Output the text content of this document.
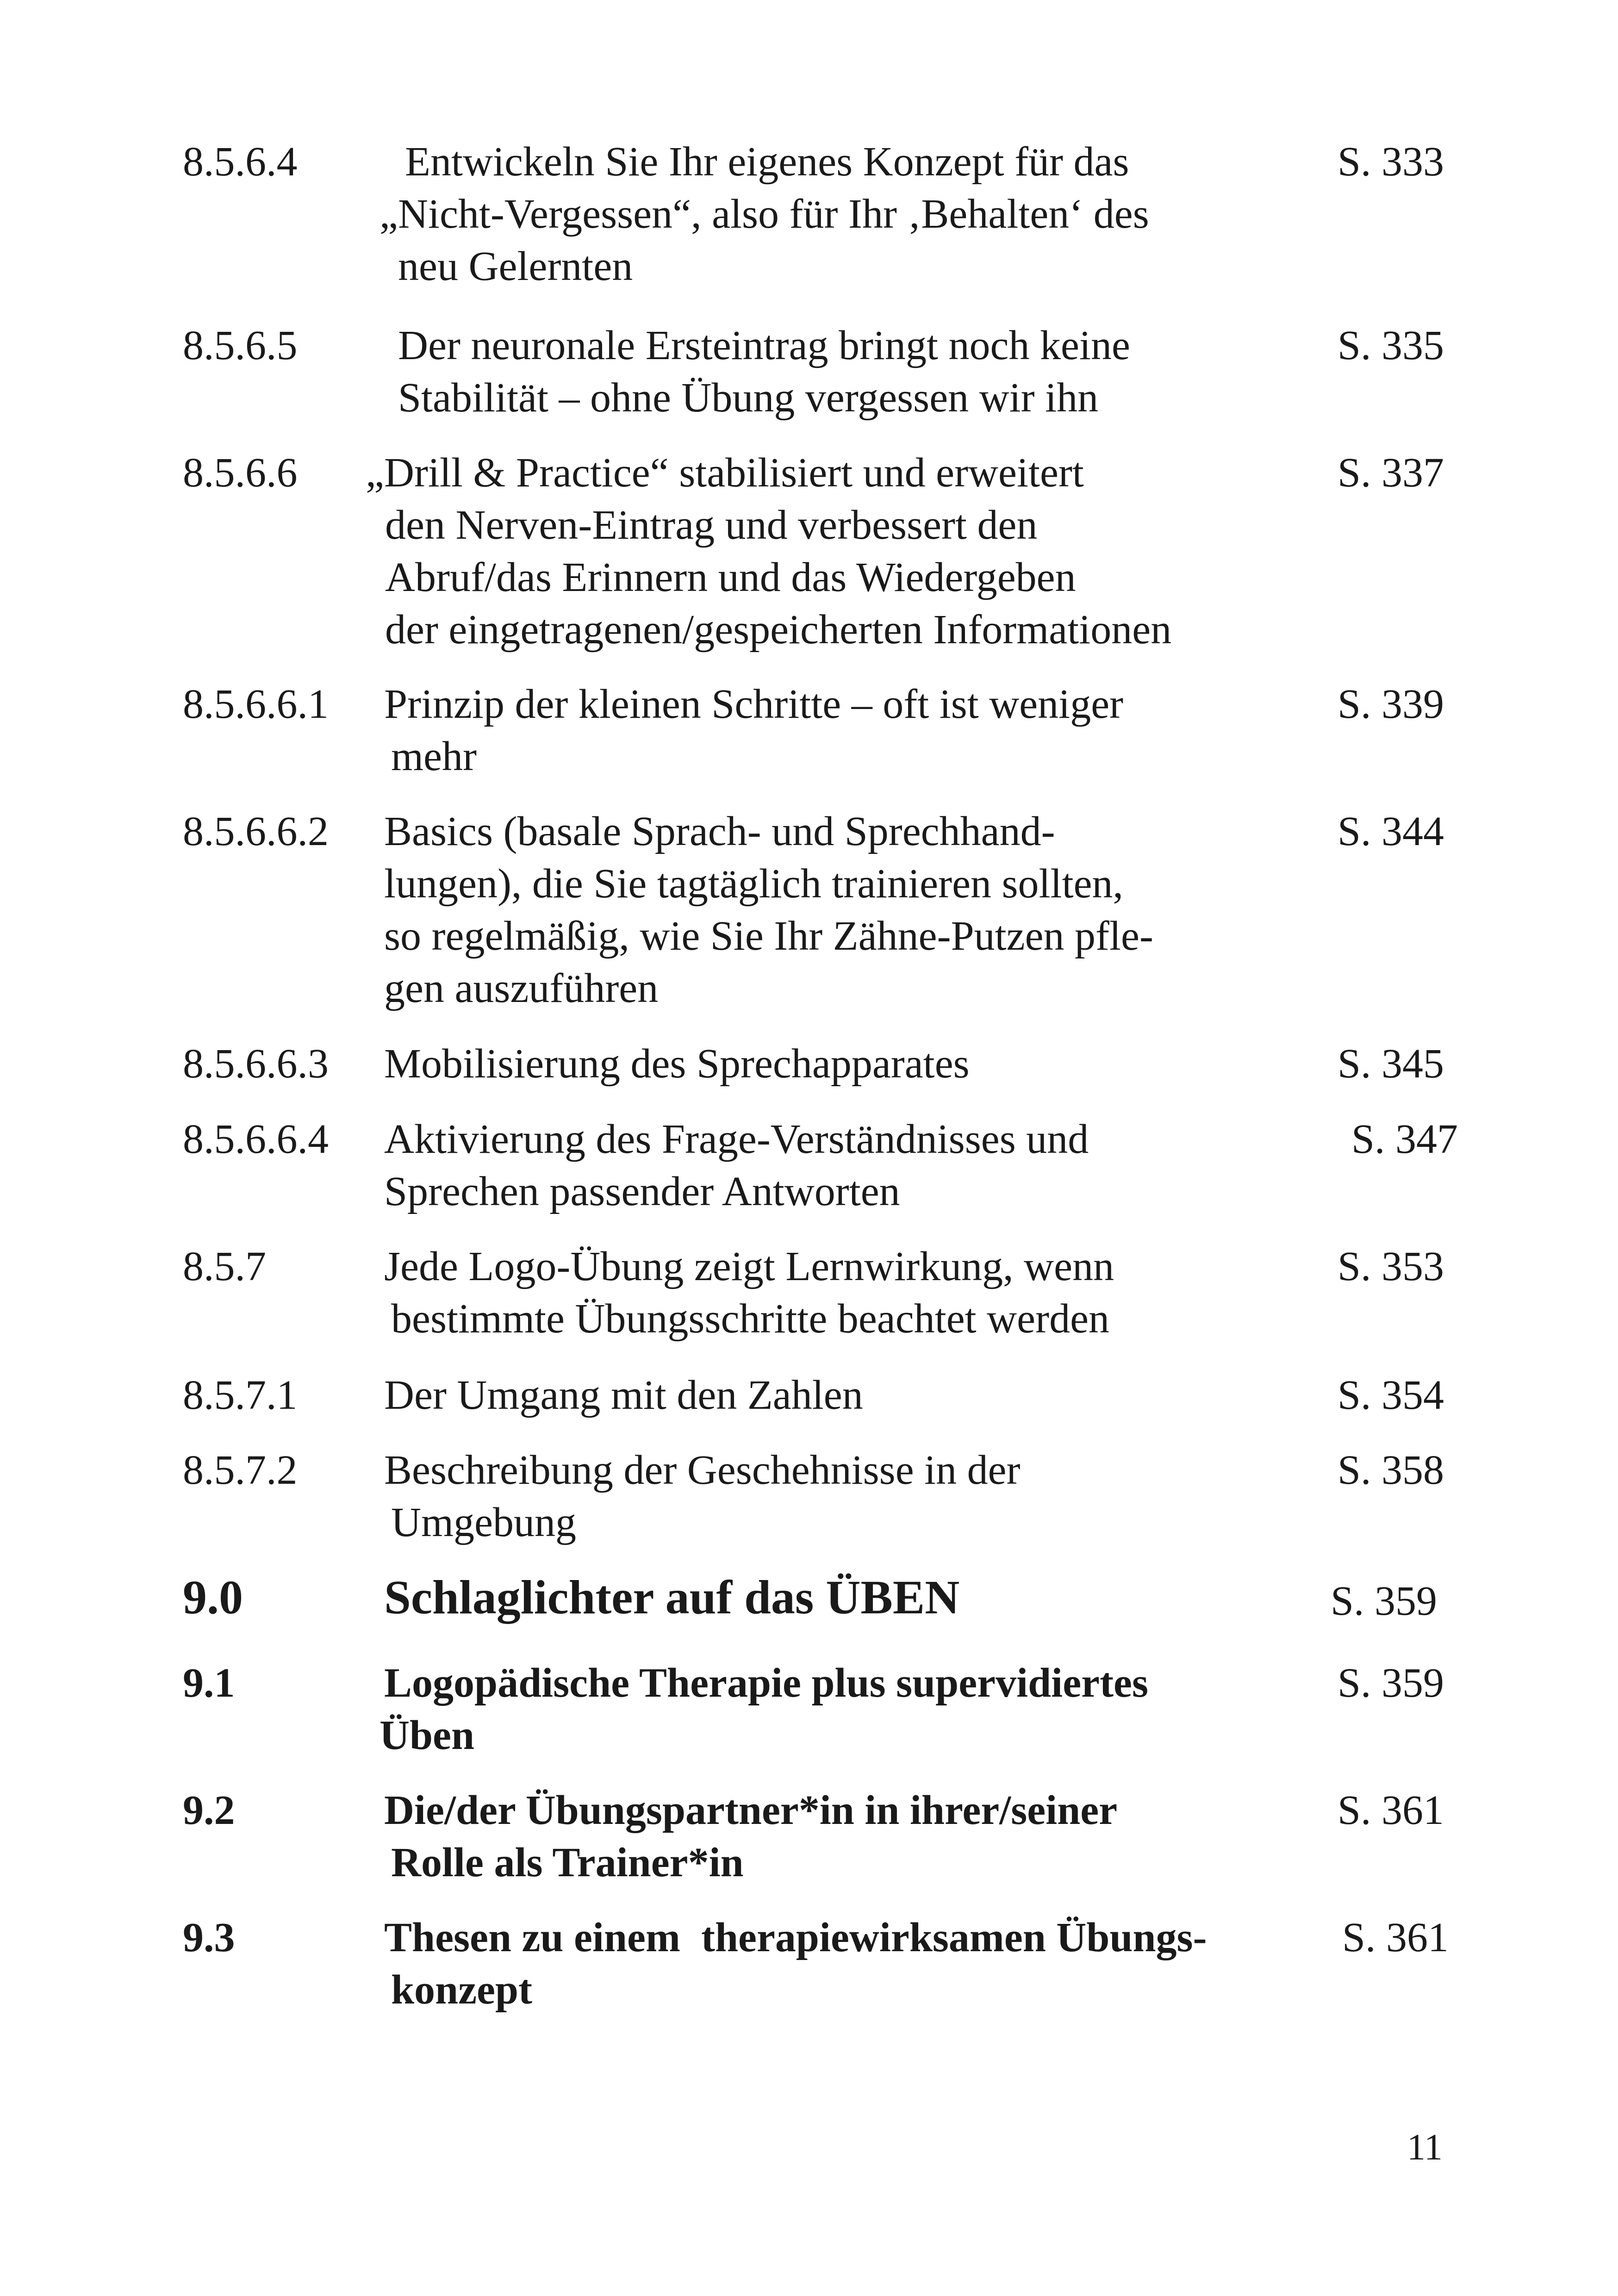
8.5.6.4	Entwickeln Sie Ihr eigenes Konzept für das
„Nicht-Vergessen“, also für Ihr ‚Behalten‘ des
neu Gelernten
S. 333
8.5.6.5	Der neuronale Ersteintrag bringt noch keine
Stabilität – ohne Übung vergessen wir ihn
S. 335
8.5.6.6 „Drill & Practice“ stabilisiert und erweitert
den Nerven-Eintrag und verbessert den
Abruf/das Erinnern und das Wiedergeben
der eingetragenen/gespeicherten Informationen
S. 337
8.5.6.6.1 Prinzip der kleinen Schritte – oft ist weniger
mehr
S. 339
8.5.6.6.2 Basics (basale Sprach- und Sprechhand-
lungen), die Sie tagtäglich trainieren sollten,
so regelmäßig, wie Sie Ihr Zähne-Putzen pfle-
gen auszuführen
S. 344
8.5.6.6.3 Mobilisierung des Sprechapparates	S. 345
8.5.6.6.4 Aktivierung des Frage-Verständnisses und
Sprechen passender Antworten
S. 347
8.5.7	Jede Logo-Übung zeigt Lernwirkung, wenn
bestimmte Übungsschritte beachtet werden
S. 353
8.5.7.1 Der Umgang mit den Zahlen	S. 354
8.5.7.2 Beschreibung der Geschehnisse in der
Umgebung
S. 358
9.0	Schlaglichter auf das ÜBEN	S. 359
9.1	Logopädische Therapie plus supervidiertes
Üben
S. 359
9.2	Die/der Übungspartner*in in ihrer/seiner
Rolle als Trainer*in
S. 361
9.3	Thesen zu einem  therapiewirksamen Übungs-
konzept
S. 361
11
